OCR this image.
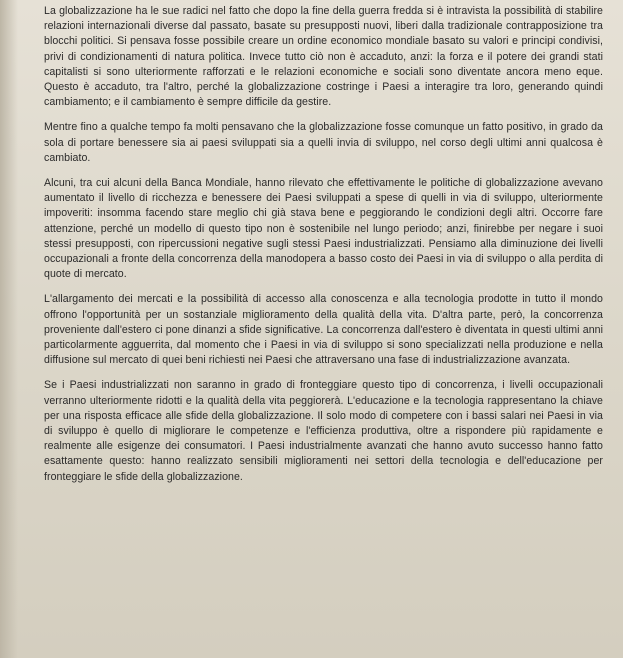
La globalizzazione ha le sue radici nel fatto che dopo la fine della guerra fredda si è intravista la possibilità di stabilire relazioni internazionali diverse dal passato, basate su presupposti nuovi, liberi dalla tradizionale contrapposizione tra blocchi politici. Si pensava fosse possibile creare un ordine economico mondiale basato su valori e principi condivisi, privi di condizionamenti di natura politica. Invece tutto ciò non è accaduto, anzi: la forza e il potere dei grandi stati capitalisti si sono ulteriormente rafforzati e le relazioni economiche e sociali sono diventate ancora meno eque. Questo è accaduto, tra l'altro, perché la globalizzazione costringe i Paesi a interagire tra loro, generando quindi cambiamento; e il cambiamento è sempre difficile da gestire.

Mentre fino a qualche tempo fa molti pensavano che la globalizzazione fosse comunque un fatto positivo, in grado da sola di portare benessere sia ai paesi sviluppati sia a quelli invia di sviluppo, nel corso degli ultimi anni qualcosa è cambiato.

Alcuni, tra cui alcuni della Banca Mondiale, hanno rilevato che effettivamente le politiche di globalizzazione avevano aumentato il livello di ricchezza e benessere dei Paesi sviluppati a spese di quelli in via di sviluppo, ulteriormente impoveriti: insomma facendo stare meglio chi già stava bene e peggiorando le condizioni degli altri. Occorre fare attenzione, perché un modello di questo tipo non è sostenibile nel lungo periodo; anzi, finirebbe per negare i suoi stessi presupposti, con ripercussioni negative sugli stessi Paesi industrializzati. Pensiamo alla diminuzione dei livelli occupazionali a fronte della concorrenza della manodopera a basso costo dei Paesi in via di sviluppo o alla perdita di quote di mercato.

L'allargamento dei mercati e la possibilità di accesso alla conoscenza e alla tecnologia prodotte in tutto il mondo offrono l'opportunità per un sostanziale miglioramento della qualità della vita. D'altra parte, però, la concorrenza proveniente dall'estero ci pone dinanzi a sfide significative. La concorrenza dall'estero è diventata in questi ultimi anni particolarmente agguerrita, dal momento che i Paesi in via di sviluppo si sono specializzati nella produzione e nella diffusione sul mercato di quei beni richiesti nei Paesi che attraversano una fase di industrializzazione avanzata.

Se i Paesi industrializzati non saranno in grado di fronteggiare questo tipo di concorrenza, i livelli occupazionali verranno ulteriormente ridotti e la qualità della vita peggiorerà. L'educazione e la tecnologia rappresentano la chiave per una risposta efficace alle sfide della globalizzazione. Il solo modo di competere con i bassi salari nei Paesi in via di sviluppo è quello di migliorare le competenze e l'efficienza produttiva, oltre a rispondere più rapidamente e realmente alle esigenze dei consumatori. I Paesi industrialmente avanzati che hanno avuto successo hanno fatto esattamente questo: hanno realizzato sensibili miglioramenti nei settori della tecnologia e dell'educazione per fronteggiare le sfide della globalizzazione.
